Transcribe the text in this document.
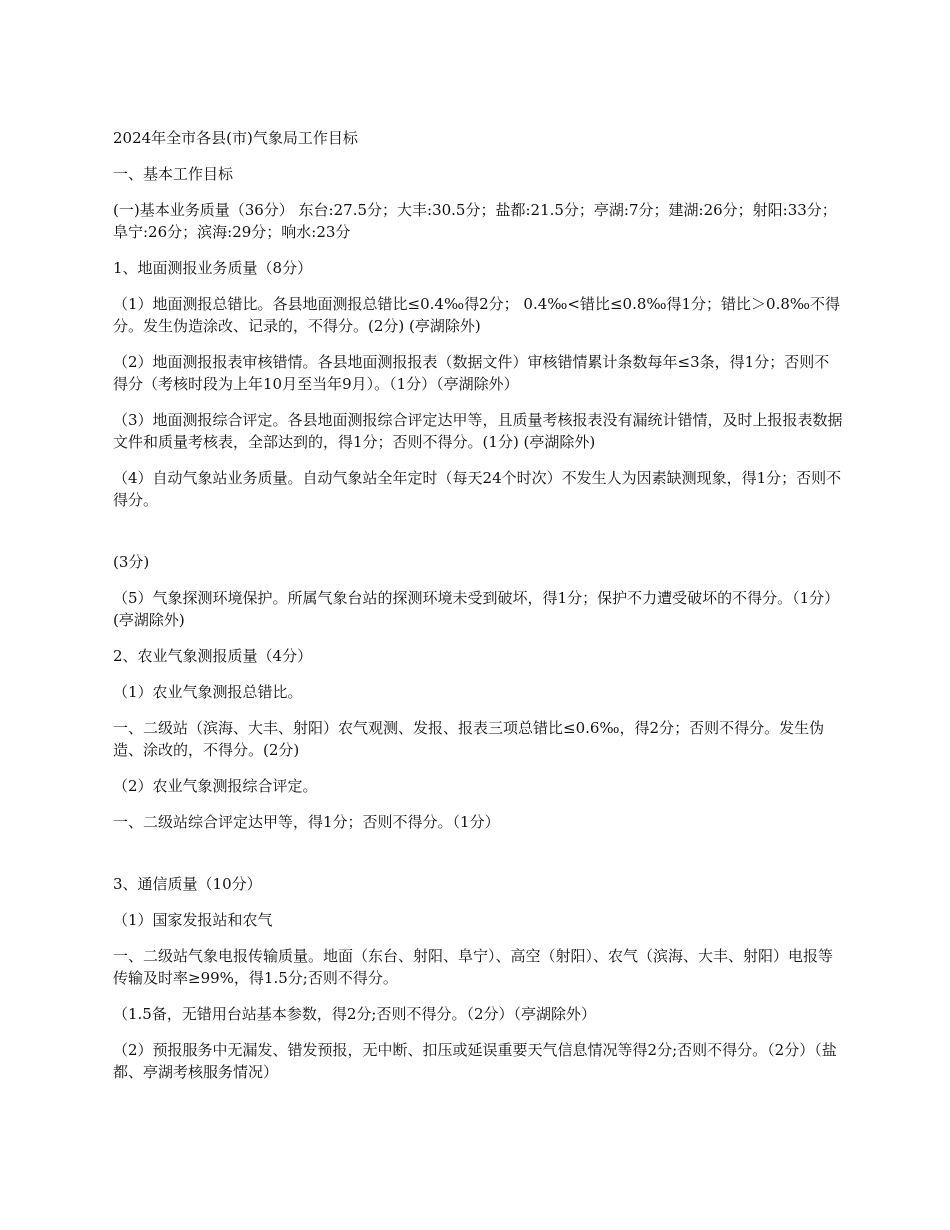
2024年全市各县(市)气象局工作目标

一、基本工作目标

(一)基本业务质量（36分） 东台:27.5分；大丰:30.5分；盐都:21.5分；亭湖:7分；建湖:26分；射阳:33分；阜宁:26分；滨海:29分；响水:23分

1、地面测报业务质量（8分）

（1）地面测报总错比。各县地面测报总错比≤0.4‰得2分； 0.4‰<错比≤0.8‰得1分；错比＞0.8‰不得分。发生伪造涂改、记录的，不得分。(2分) (亭湖除外)

（2）地面测报报表审核错情。各县地面测报报表（数据文件）审核错情累计条数每年≤3条，得1分；否则不得分（考核时段为上年10月至当年9月）。（1分）（亭湖除外）

（3）地面测报综合评定。各县地面测报综合评定达甲等，且质量考核报表没有漏统计错情，及时上报报表数据文件和质量考核表，全部达到的，得1分；否则不得分。(1分) (亭湖除外)

（4）自动气象站业务质量。自动气象站全年定时（每天24个时次）不发生人为因素缺测现象，得1分；否则不得分。

(3分)

（5）气象探测环境保护。所属气象台站的探测环境未受到破坏，得1分；保护不力遭受破坏的不得分。（1分）(亭湖除外)

2、农业气象测报质量（4分）

（1）农业气象测报总错比。

一、二级站（滨海、大丰、射阳）农气观测、发报、报表三项总错比≤0.6‰，得2分；否则不得分。发生伪造、涂改的，不得分。(2分)

（2）农业气象测报综合评定。

一、二级站综合评定达甲等，得1分；否则不得分。（1分）

3、通信质量（10分）

（1）国家发报站和农气

一、二级站气象电报传输质量。地面（东台、射阳、阜宁）、高空（射阳）、农气（滨海、大丰、射阳）电报等传输及时率≥99%，得1.5分;否则不得分。

（1.5备，无错用台站基本参数，得2分;否则不得分。（2分）（亭湖除外）

（2）预报服务中无漏发、错发预报，无中断、扣压或延误重要天气信息情况等得2分;否则不得分。（2分）（盐都、亭湖考核服务情况）
